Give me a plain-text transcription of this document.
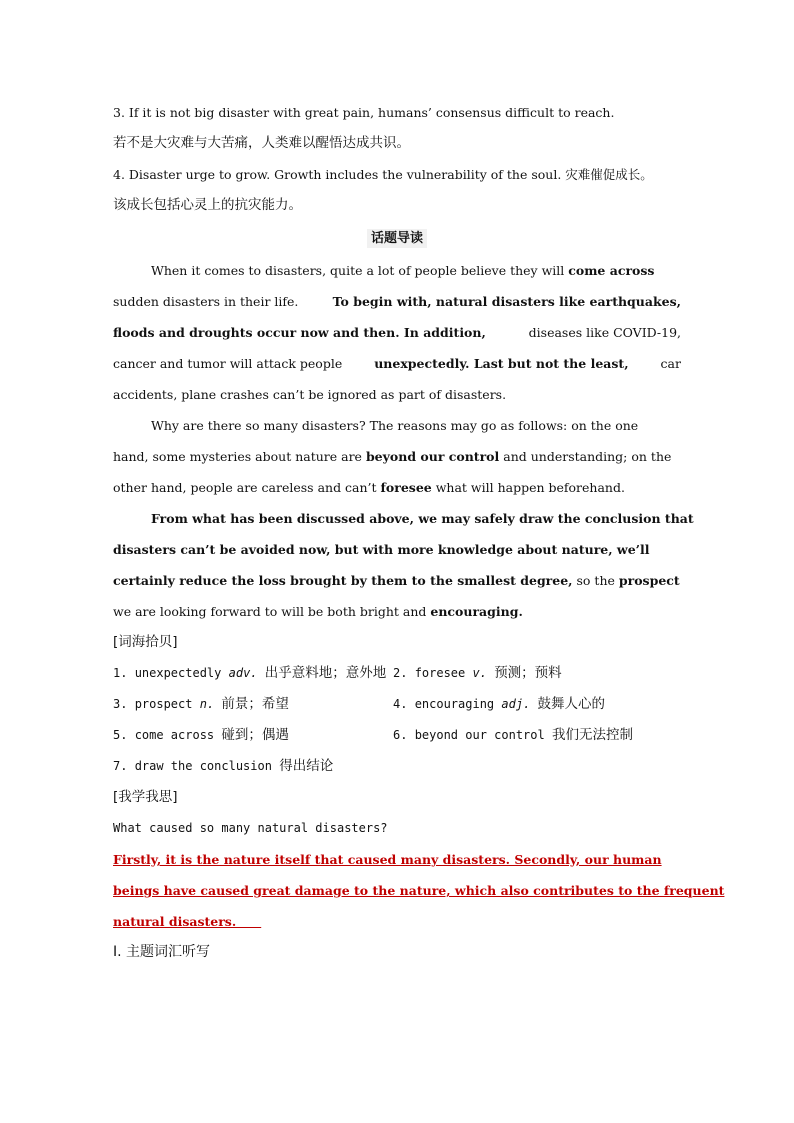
3. If it is not big disaster with great pain, humans’ consensus difficult to reach.
若不是大灾难与大苦痛，人类难以醒悟达成共识。
4. Disaster urge to grow. Growth includes the vulnerability of the soul. 灾难催促成长。
该成长包括心灵上的抗灾能力。
话题导读
When it comes to disasters, quite a lot of people believe they will come across
sudden disasters in their life.	To begin with, natural disasters like earthquakes,
floods and droughts occur now and then. In addition,	diseases like COVID-19,
cancer and tumor will attack people	unexpectedly. Last but not the least,	car
accidents, plane crashes can’t be ignored as part of disasters.
Why are there so many disasters? The reasons may go as follows: on the one
hand, some mysteries about nature are beyond our control and understanding; on the
other hand, people are careless and can’t foresee what will happen beforehand.
From what has been discussed above, we may safely draw the conclusion that
disasters can’t be avoided now, but with more knowledge about nature, we’ll
certainly reduce the loss brought by them to the smallest degree, so the prospect
we are looking forward to will be both bright and encouraging.
[词海拾贝]
1. unexpectedly adv. 出乎意料地；意外地 2. foresee v. 预测；预料
3. prospect n. 前景；希望	4. encouraging adj. 鼓舞人心的
5. come across 碰到；偶遇	6. beyond our control 我们无法控制
7. draw the conclusion 得出结论
[我学我思]
What caused so many natural disasters?
Firstly, it is the nature itself that caused many disasters. Secondly, our human
beings have caused great damage to the nature, which also contributes to the frequent
natural disasters.　　
Ⅰ. 主题词汇听写
